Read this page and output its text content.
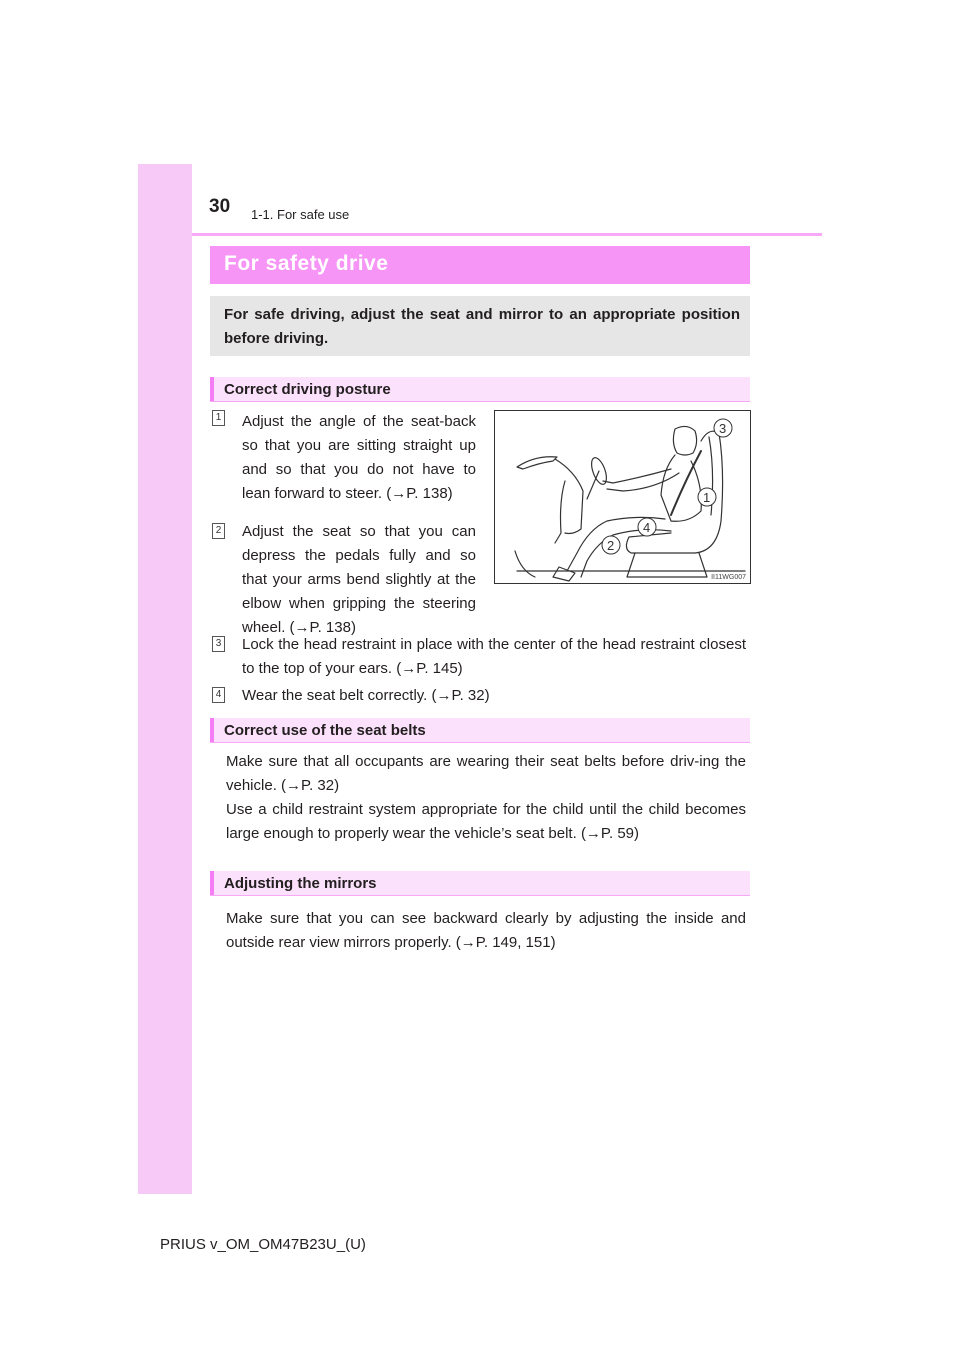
30 1-1. For safe use
For safety drive
For safe driving, adjust the seat and mirror to an appropriate position before driving.
Correct driving posture
1 Adjust the angle of the seat-back so that you are sitting straight up and so that you do not have to lean forward to steer. (→P. 138)
2 Adjust the seat so that you can depress the pedals fully and so that your arms bend slightly at the elbow when gripping the steering wheel. (→P. 138)
3
1
4
2
II11WG007
3 Lock the head restraint in place with the center of the head restraint closest to the top of your ears. (→P. 145)
4 Wear the seat belt correctly. (→P. 32)
Correct use of the seat belts
Make sure that all occupants are wearing their seat belts before driv-ing the vehicle. (→P. 32)
Use a child restraint system appropriate for the child until the child becomes large enough to properly wear the vehicle’s seat belt. (→P. 59)
Adjusting the mirrors
Make sure that you can see backward clearly by adjusting the inside and outside rear view mirrors properly. (→P. 149, 151)
PRIUS v_OM_OM47B23U_(U)
